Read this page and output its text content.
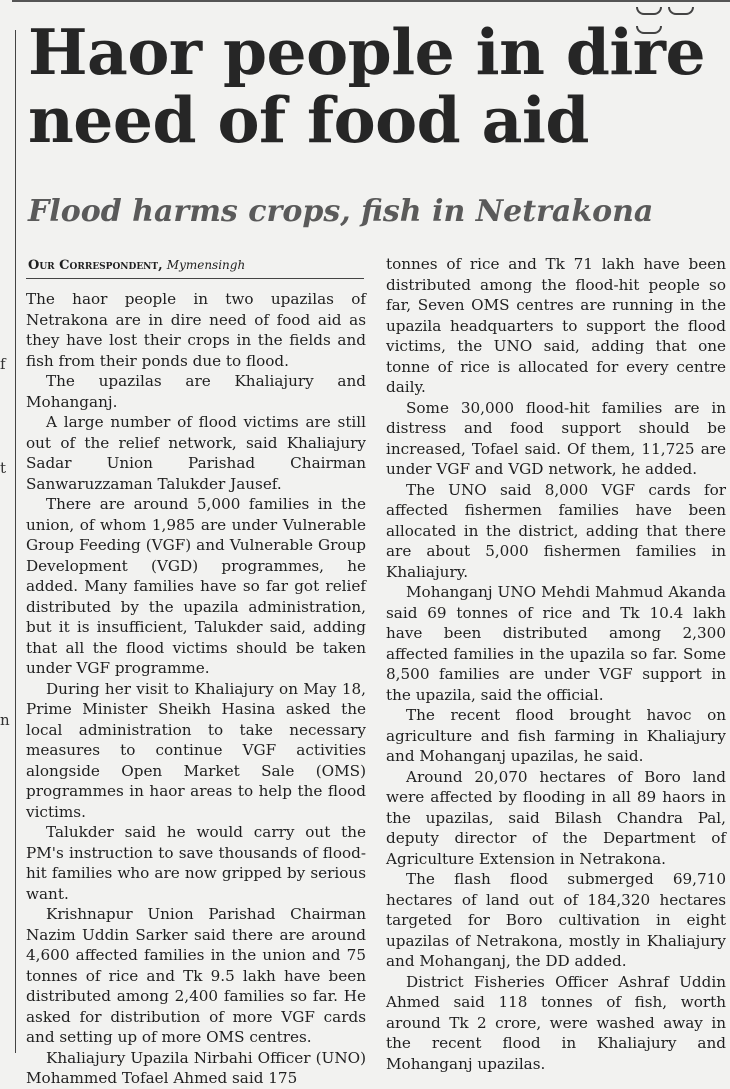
f
t
n
Haor people in dire need of food aid
Flood harms crops, fish in Netrakona
Our Correspondent, Mymensingh

The haor people in two upazilas of Netrakona are in dire need of food aid as they have lost their crops in the fields and fish from their ponds due to flood.

The upazilas are Khaliajury and Mohanganj.

A large number of flood victims are still out of the relief network, said Khaliajury Sadar Union Parishad Chairman Sanwaruzzaman Talukder Jausef.

There are around 5,000 families in the union, of whom 1,985 are under Vulnerable Group Feeding (VGF) and Vulnerable Group Development (VGD) programmes, he added. Many families have so far got relief distributed by the upazila administration, but it is insufficient, Talukder said, adding that all the flood victims should be taken under VGF programme.

During her visit to Khaliajury on May 18, Prime Minister Sheikh Hasina asked the local administration to take necessary measures to continue VGF activities alongside Open Market Sale (OMS) programmes in haor areas to help the flood victims.

Talukder said he would carry out the PM's instruction to save thousands of flood-hit families who are now gripped by serious want.

Krishnapur Union Parishad Chairman Nazim Uddin Sarker said there are around 4,600 affected families in the union and 75 tonnes of rice and Tk 9.5 lakh have been distributed among 2,400 families so far. He asked for distribution of more VGF cards and setting up of more OMS centres.

Khaliajury Upazila Nirbahi Officer (UNO) Mohammed Tofael Ahmed said 175

tonnes of rice and Tk 71 lakh have been distributed among the flood-hit people so far, Seven OMS centres are running in the upazila headquarters to support the flood victims, the UNO said, adding that one tonne of rice is allocated for every centre daily.

Some 30,000 flood-hit families are in distress and food support should be increased, Tofael said. Of them, 11,725 are under VGF and VGD network, he added.

The UNO said 8,000 VGF cards for affected fishermen families have been allocated in the district, adding that there are about 5,000 fishermen families in Khaliajury.

Mohanganj UNO Mehdi Mahmud Akanda said 69 tonnes of rice and Tk 10.4 lakh have been distributed among 2,300 affected families in the upazila so far. Some 8,500 families are under VGF support in the upazila, said the official.

The recent flood brought havoc on agriculture and fish farming in Khaliajury and Mohanganj upazilas, he said.

Around 20,070 hectares of Boro land were affected by flooding in all 89 haors in the upazilas, said Bilash Chandra Pal, deputy director of the Department of Agriculture Extension in Netrakona.

The flash flood submerged 69,710 hectares of land out of 184,320 hectares targeted for Boro cultivation in eight upazilas of Netrakona, mostly in Khaliajury and Mohanganj, the DD added.

District Fisheries Officer Ashraf Uddin Ahmed said 118 tonnes of fish, worth around Tk 2 crore, were washed away in the recent flood in Khaliajury and Mohanganj upazilas.
